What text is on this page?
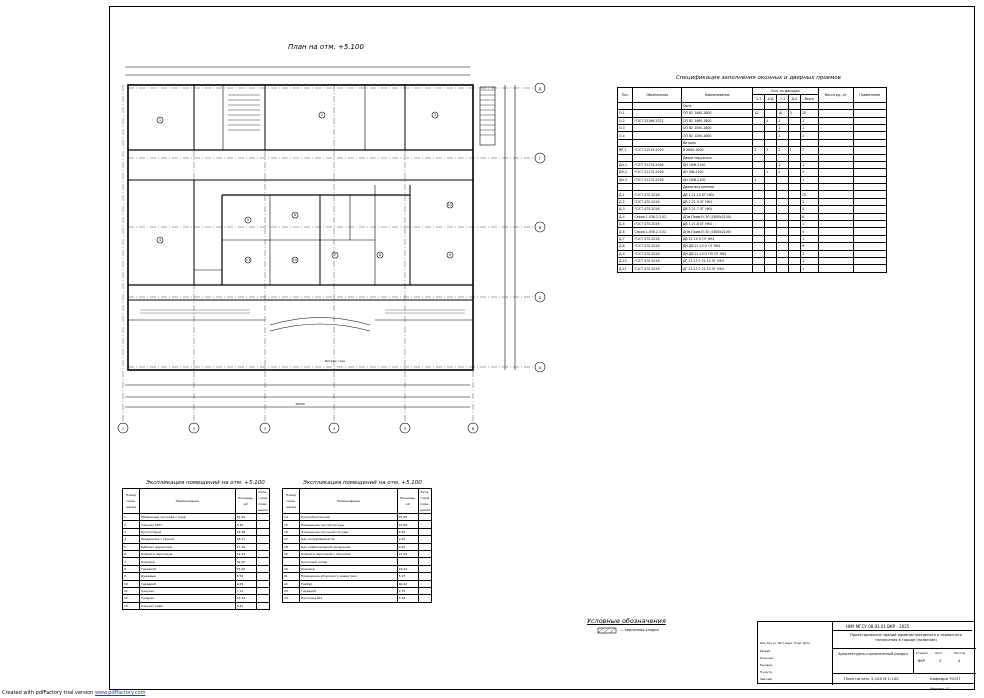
План на отм. +5.100
Д
Г
В
Б
А
1	2	3	4	5	6
1
2	3
4
5
6
7	8	9
10
11
12
Витраж стен
30000
Спецификация заполнения оконных и дверных проемов
Поз.	Обозначение	Наименование	Кол. по фасадам					Масса ед., кг	Примечание
			1-7	А-Д	7-1	Д-А	Всего		
		Окна							
О-1		ОП В2 1460-1800	12		10	3	25		
О-2	ГОСТ 23166-2021	ОП В2 1460-1800		4	1		1		
О-3		ОП В2 1500-1800			1		1		
О-4		ОП В2 1200-1800			2		2		
		Витраж							
ВР-1	ГОСТ 21519-2019	В 1600-1800	2	2	2	1	7		
		Двери наружные							
ДН-1	ГОСТ 31174-2016	ДН 16/В-2100			1		1		
ДН-2	ГОСТ 31174-2016	ДН 9/В-2100		1	2		3		
ДН-3	ГОСТ 31174-2016	ДН 16/В-2100	1				1		
		Двери внутренние							
Д-1	ГОСТ 475-2016	ДВ 2 21.10 ОГ НК4					25		
Д-2	ГОСТ 475-2016	ДВ 2 21.9 ОГ НК4					5		
Д-3	ГОСТ 475-2016	ДВ 2 21.7 ОГ НК4					4		
Д-4	Серия 1.036.2-3.02	ДПм-Прим-ЕI 30 (1800х2100)					6		
Д-5	ГОСТ 475-2016	ДВ 1 21.8 ОГ НК4					1		
Д-6	Серия 1.036.2-3.02	ДПм-Прим-ЕI 30 (1800х2100)					9		
Д-7	ГОСТ 475-2016	ДВ 21.10 О ОГ НК4					1		
Д-8	ГОСТ 475-2016	ДН ДВ 21.10 О ОГ НК4					6		
Д-9	ГОСТ 475-2016	ДН ДВ 21.13 О ПО ОГ НК4					1		
Д-10	ГОСТ 475-2016	ДГ 21.13 2 21.10 ОГ НК4					1		
Д-11	ГОСТ 475-2016	ДГ 21.13 2 21.10 ОГ НК4					1		
Экспликация помещений на отм. +5.100
Номер поме- щения	Наименование	Площадь, м2	Кате- гория поме- щения
1	Обеденный зал кафе с разд.	44.09	
2	Санузел МГН	3.46	
3	Бухгалтерия	18.38	
4	Раздевалка с сауной	18.11	
5	Кабинет директора	17.18	
6	Комната персонала	12.43	
7	Коридор	32.00	
8	Гардероб	55.06	
9	Душевые	6.59	
10	Гардероб	9.65	
11	Санузел	7.11	
12	Галерея	42.34	
13	Санузел кафе	6.47	
Экспликация помещений на отм. +5.100
Номер поме- щения	Наименование	Площадь, м2	Кате- гория поме- щения
14	Кухня безопасная	25.06	
15	Помещение чистой посуды	10.68	
16	Помещение кухонной посуды	6.59	
17	Цех полуфабрикатов	9.25	
18	Цех хлебопекарной продукции	9.25	
19	Комната персонала с санузлом	15.24	
	Кухонный склад		
20	Коридор	18.24	
21	Помещение уборочного инвентаря	5.97	
22	Тамбур	66.22	
23	Гардероб	2.75	
24	Лестница №1	4.18	
Условные обозначения
— кирпичная кладка
НИУ МГСУ 08.03.01 ВКР - 2025
Проектирование зданий административного и сервисного назначения в городе (название)
Архитектурно-строительный раздел	Стадия Лист	Листов
ВКР	3	4
План на отм. 5,100 М 1:100	Кафедра ТОСП
Изм. Кол.уч. Лист №док. Подп. Дата
Разраб.
Консульт.
Руковод.
Н.контр.
Зав.каф.
Формат А1
Created with pdfFactory trial version www.pdffactory.com
